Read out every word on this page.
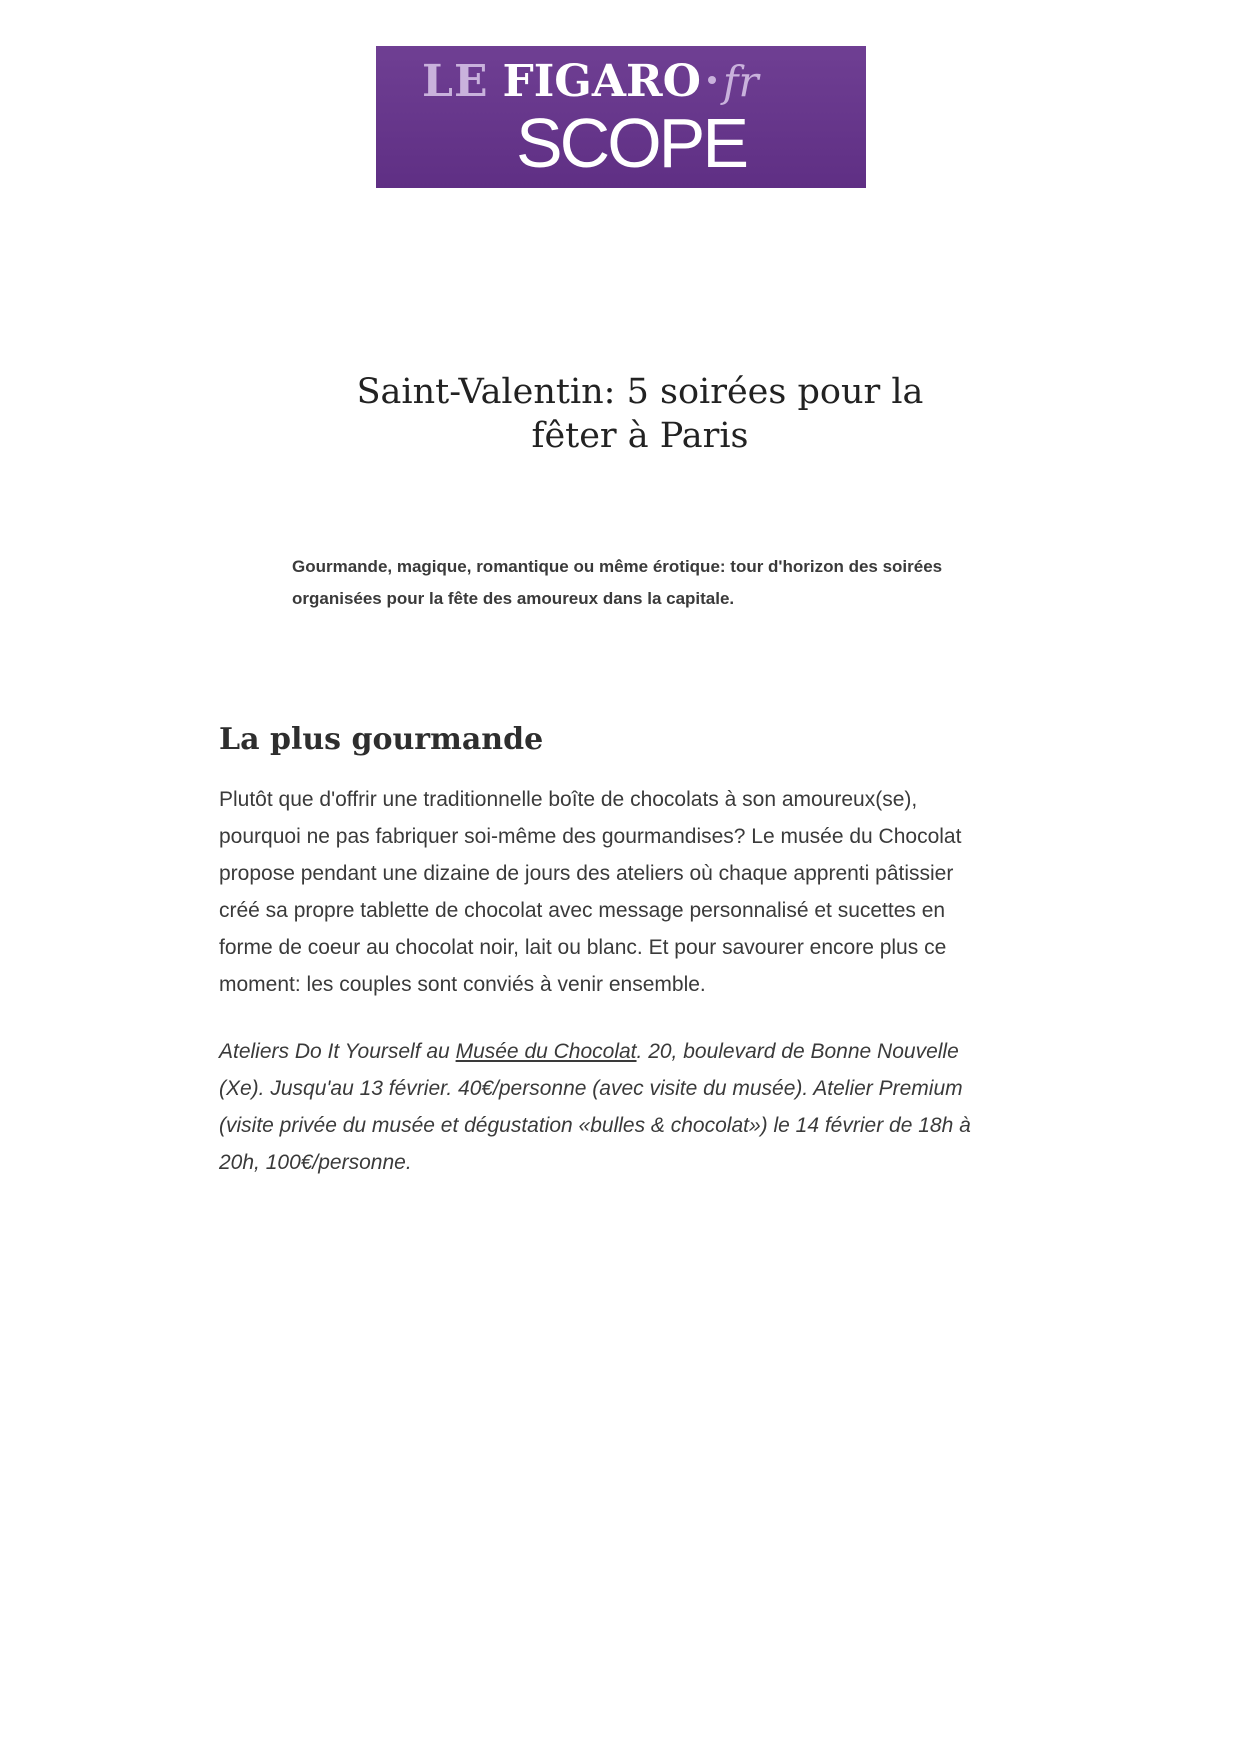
LE FIGARO fr
SCOPE
Saint-Valentin: 5 soirées pour la
fêter à Paris

Gourmande, magique, romantique ou même érotique: tour d'horizon des soirées
organisées pour la fête des amoureux dans la capitale.

La plus gourmande

Plutôt que d'offrir une traditionnelle boîte de chocolats à son amoureux(se),
pourquoi ne pas fabriquer soi-même des gourmandises? Le musée du Chocolat
propose pendant une dizaine de jours des ateliers où chaque apprenti pâtissier
créé sa propre tablette de chocolat avec message personnalisé et sucettes en
forme de coeur au chocolat noir, lait ou blanc. Et pour savourer encore plus ce
moment: les couples sont conviés à venir ensemble.

Ateliers Do It Yourself au Musée du Chocolat. 20, boulevard de Bonne Nouvelle
(Xe). Jusqu'au 13 février. 40€/personne (avec visite du musée). Atelier Premium
(visite privée du musée et dégustation «bulles & chocolat») le 14 février de 18h à
20h, 100€/personne.
